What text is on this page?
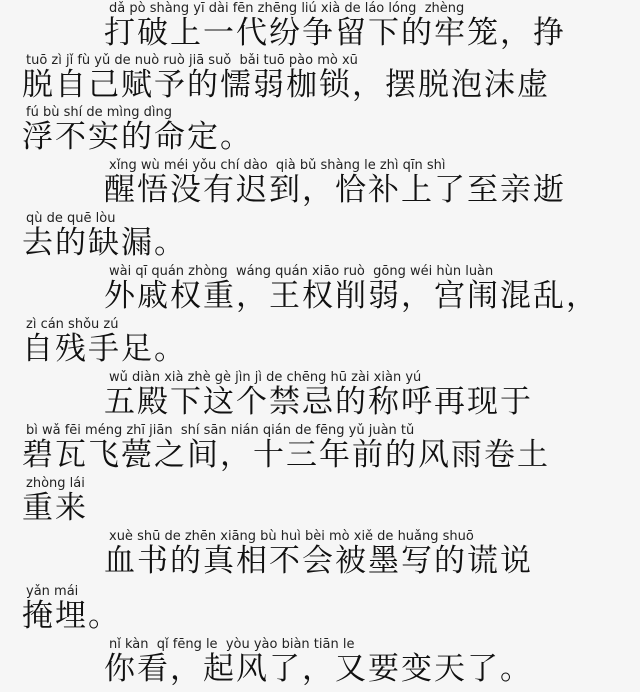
dǎ pò shàng yī dài fēn zhēng liú xià de láo lóng  zhèng
打破上一代纷争留下的牢笼，挣
tuō zì jǐ fù yǔ de nuò ruò jiā suǒ  bǎi tuō pào mò xū
脱自己赋予的懦弱枷锁，摆脱泡沫虚
fú bù shí de mìng dìng
浮不实的命定。
xǐng wù méi yǒu chí dào  qià bǔ shàng le zhì qīn shì
醒悟没有迟到，恰补上了至亲逝
qù de quē lòu
去的缺漏。
wài qī quán zhòng  wáng quán xiāo ruò  gōng wéi hùn luàn
外戚权重，王权削弱，宫闱混乱，
zì cán shǒu zú
自残手足。
wǔ diàn xià zhè gè jìn jì de chēng hū zài xiàn yú
五殿下这个禁忌的称呼再现于
bì wǎ fēi méng zhī jiān  shí sān nián qián de fēng yǔ juàn tǔ
碧瓦飞甍之间，十三年前的风雨卷土
zhòng lái
重来
xuè shū de zhēn xiāng bù huì bèi mò xiě de huǎng shuō
血书的真相不会被墨写的谎说
yǎn mái
掩埋。
nǐ kàn  qǐ fēng le  yòu yào biàn tiān le
你看，起风了，又要变天了。
